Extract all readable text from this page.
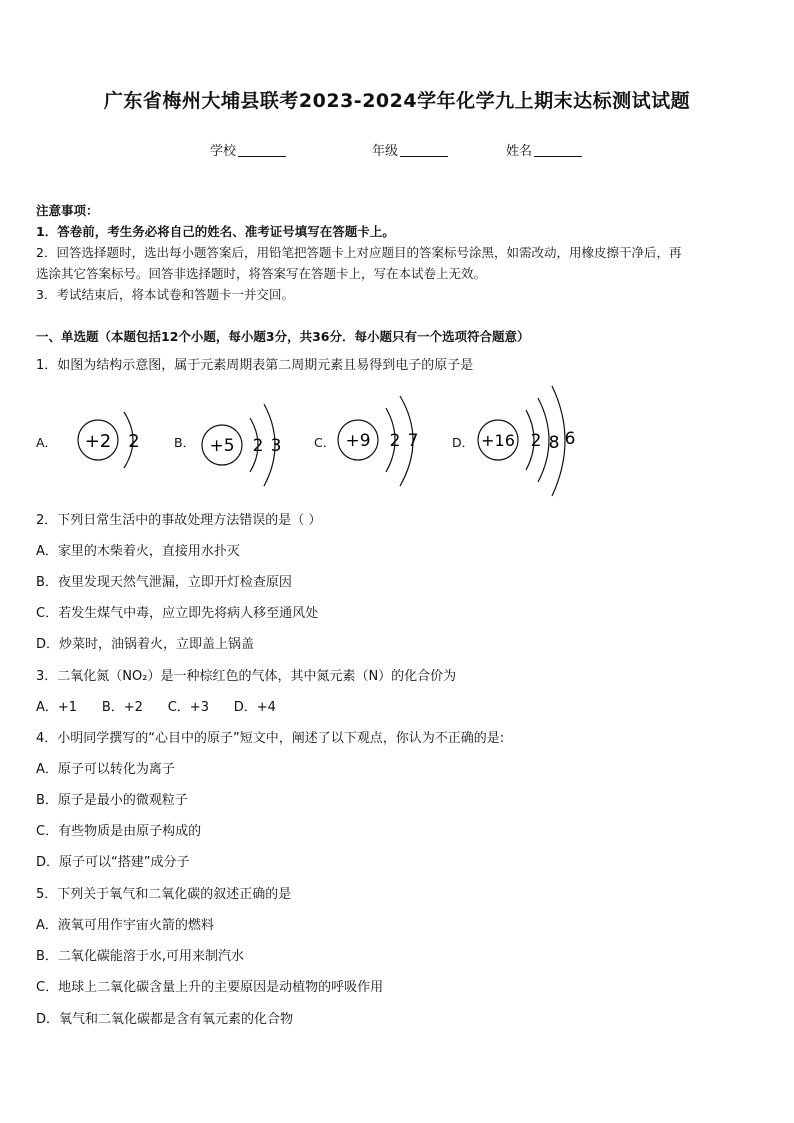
广东省梅州大埔县联考2023-2024学年化学九上期末达标测试试题
学校	年级	姓名
注意事项：
1．答卷前，考生务必将自己的姓名、准考证号填写在答题卡上。
2．回答选择题时，选出每小题答案后，用铅笔把答题卡上对应题目的答案标号涂黑，如需改动，用橡皮擦干净后，再
选涂其它答案标号。回答非选择题时，将答案写在答题卡上，写在本试卷上无效。
3．考试结束后，将本试卷和答题卡一并交回。
一、单选题（本题包括12个小题，每小题3分，共36分．每小题只有一个选项符合题意）
1．如图为结构示意图，属于元素周期表第二周期元素且易得到电子的原子是
A． +2 2	B． +5 2 3	C． +9 2 7	D． +16 2 8 6
2．下列日常生活中的事故处理方法错误的是（ ）
A．家里的木柴着火，直接用水扑灭
B．夜里发现天然气泄漏，立即开灯检查原因
C．若发生煤气中毒，应立即先将病人移至通风处
D．炒菜时，油锅着火，立即盖上锅盖
3．二氧化氮（NO₂）是一种棕红色的气体，其中氮元素（N）的化合价为
A．+1      B．+2      C．+3      D．+4
4．小明同学撰写的“心目中的原子”短文中，阐述了以下观点，你认为不正确的是:
A．原子可以转化为离子
B．原子是最小的微观粒子
C．有些物质是由原子构成的
D．原子可以“搭建”成分子
5．下列关于氧气和二氧化碳的叙述正确的是
A．液氧可用作宇宙火箭的燃料
B．二氧化碳能溶于水,可用来制汽水
C．地球上二氧化碳含量上升的主要原因是动植物的呼吸作用
D．氧气和二氧化碳都是含有氧元素的化合物
